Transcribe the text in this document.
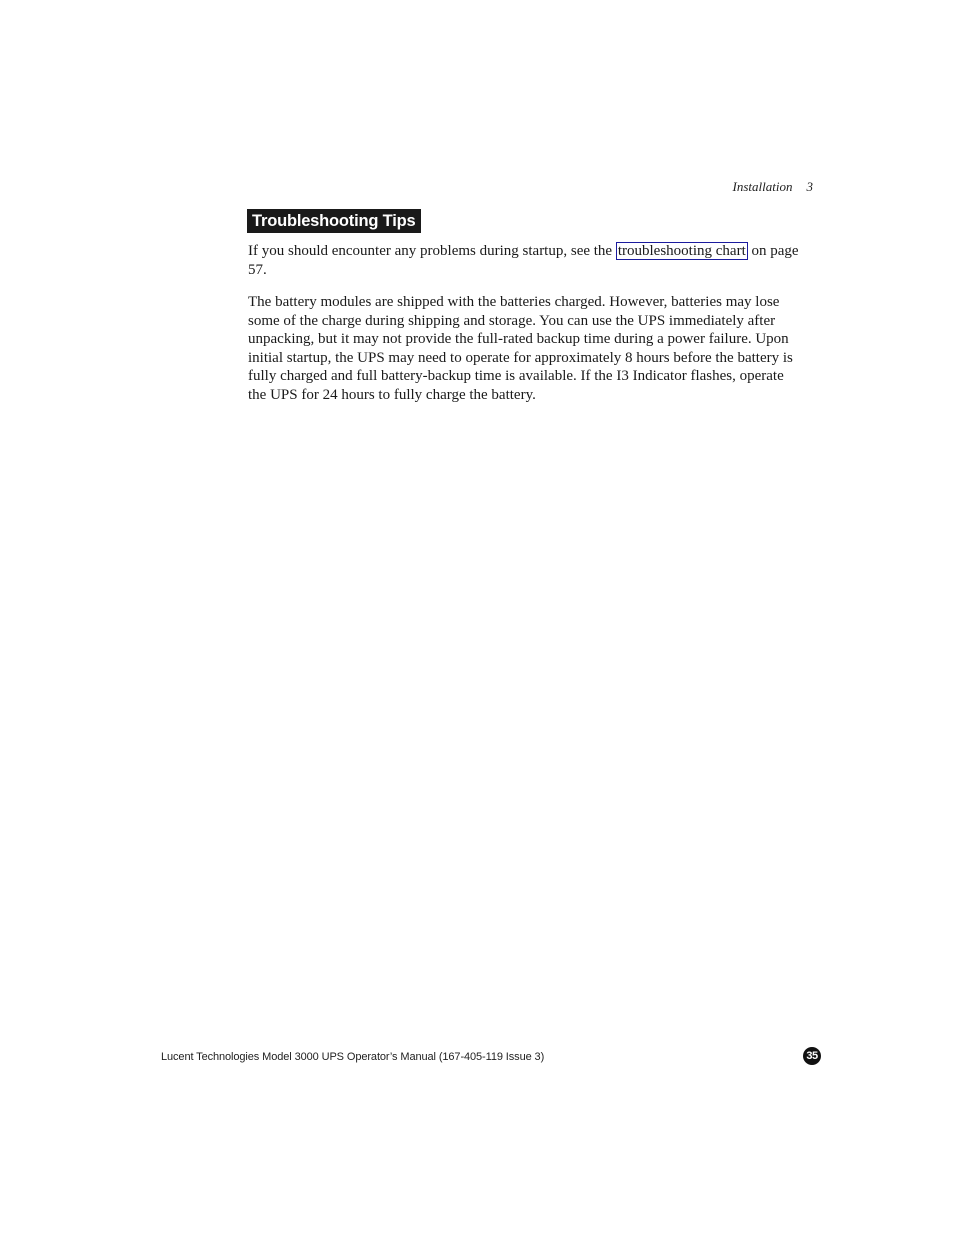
Installation 3
Troubleshooting Tips

If you should encounter any problems during startup, see the troubleshooting chart on page 57.

The battery modules are shipped with the batteries charged. However, batteries may lose some of the charge during shipping and storage. You can use the UPS immediately after unpacking, but it may not provide the full-rated backup time during a power failure. Upon initial startup, the UPS may need to operate for approximately 8 hours before the battery is fully charged and full battery-backup time is available. If the I3 Indicator flashes, operate the UPS for 24 hours to fully charge the battery.

Lucent Technologies Model 3000 UPS Operator’s Manual (167-405-119 Issue 3)	35
